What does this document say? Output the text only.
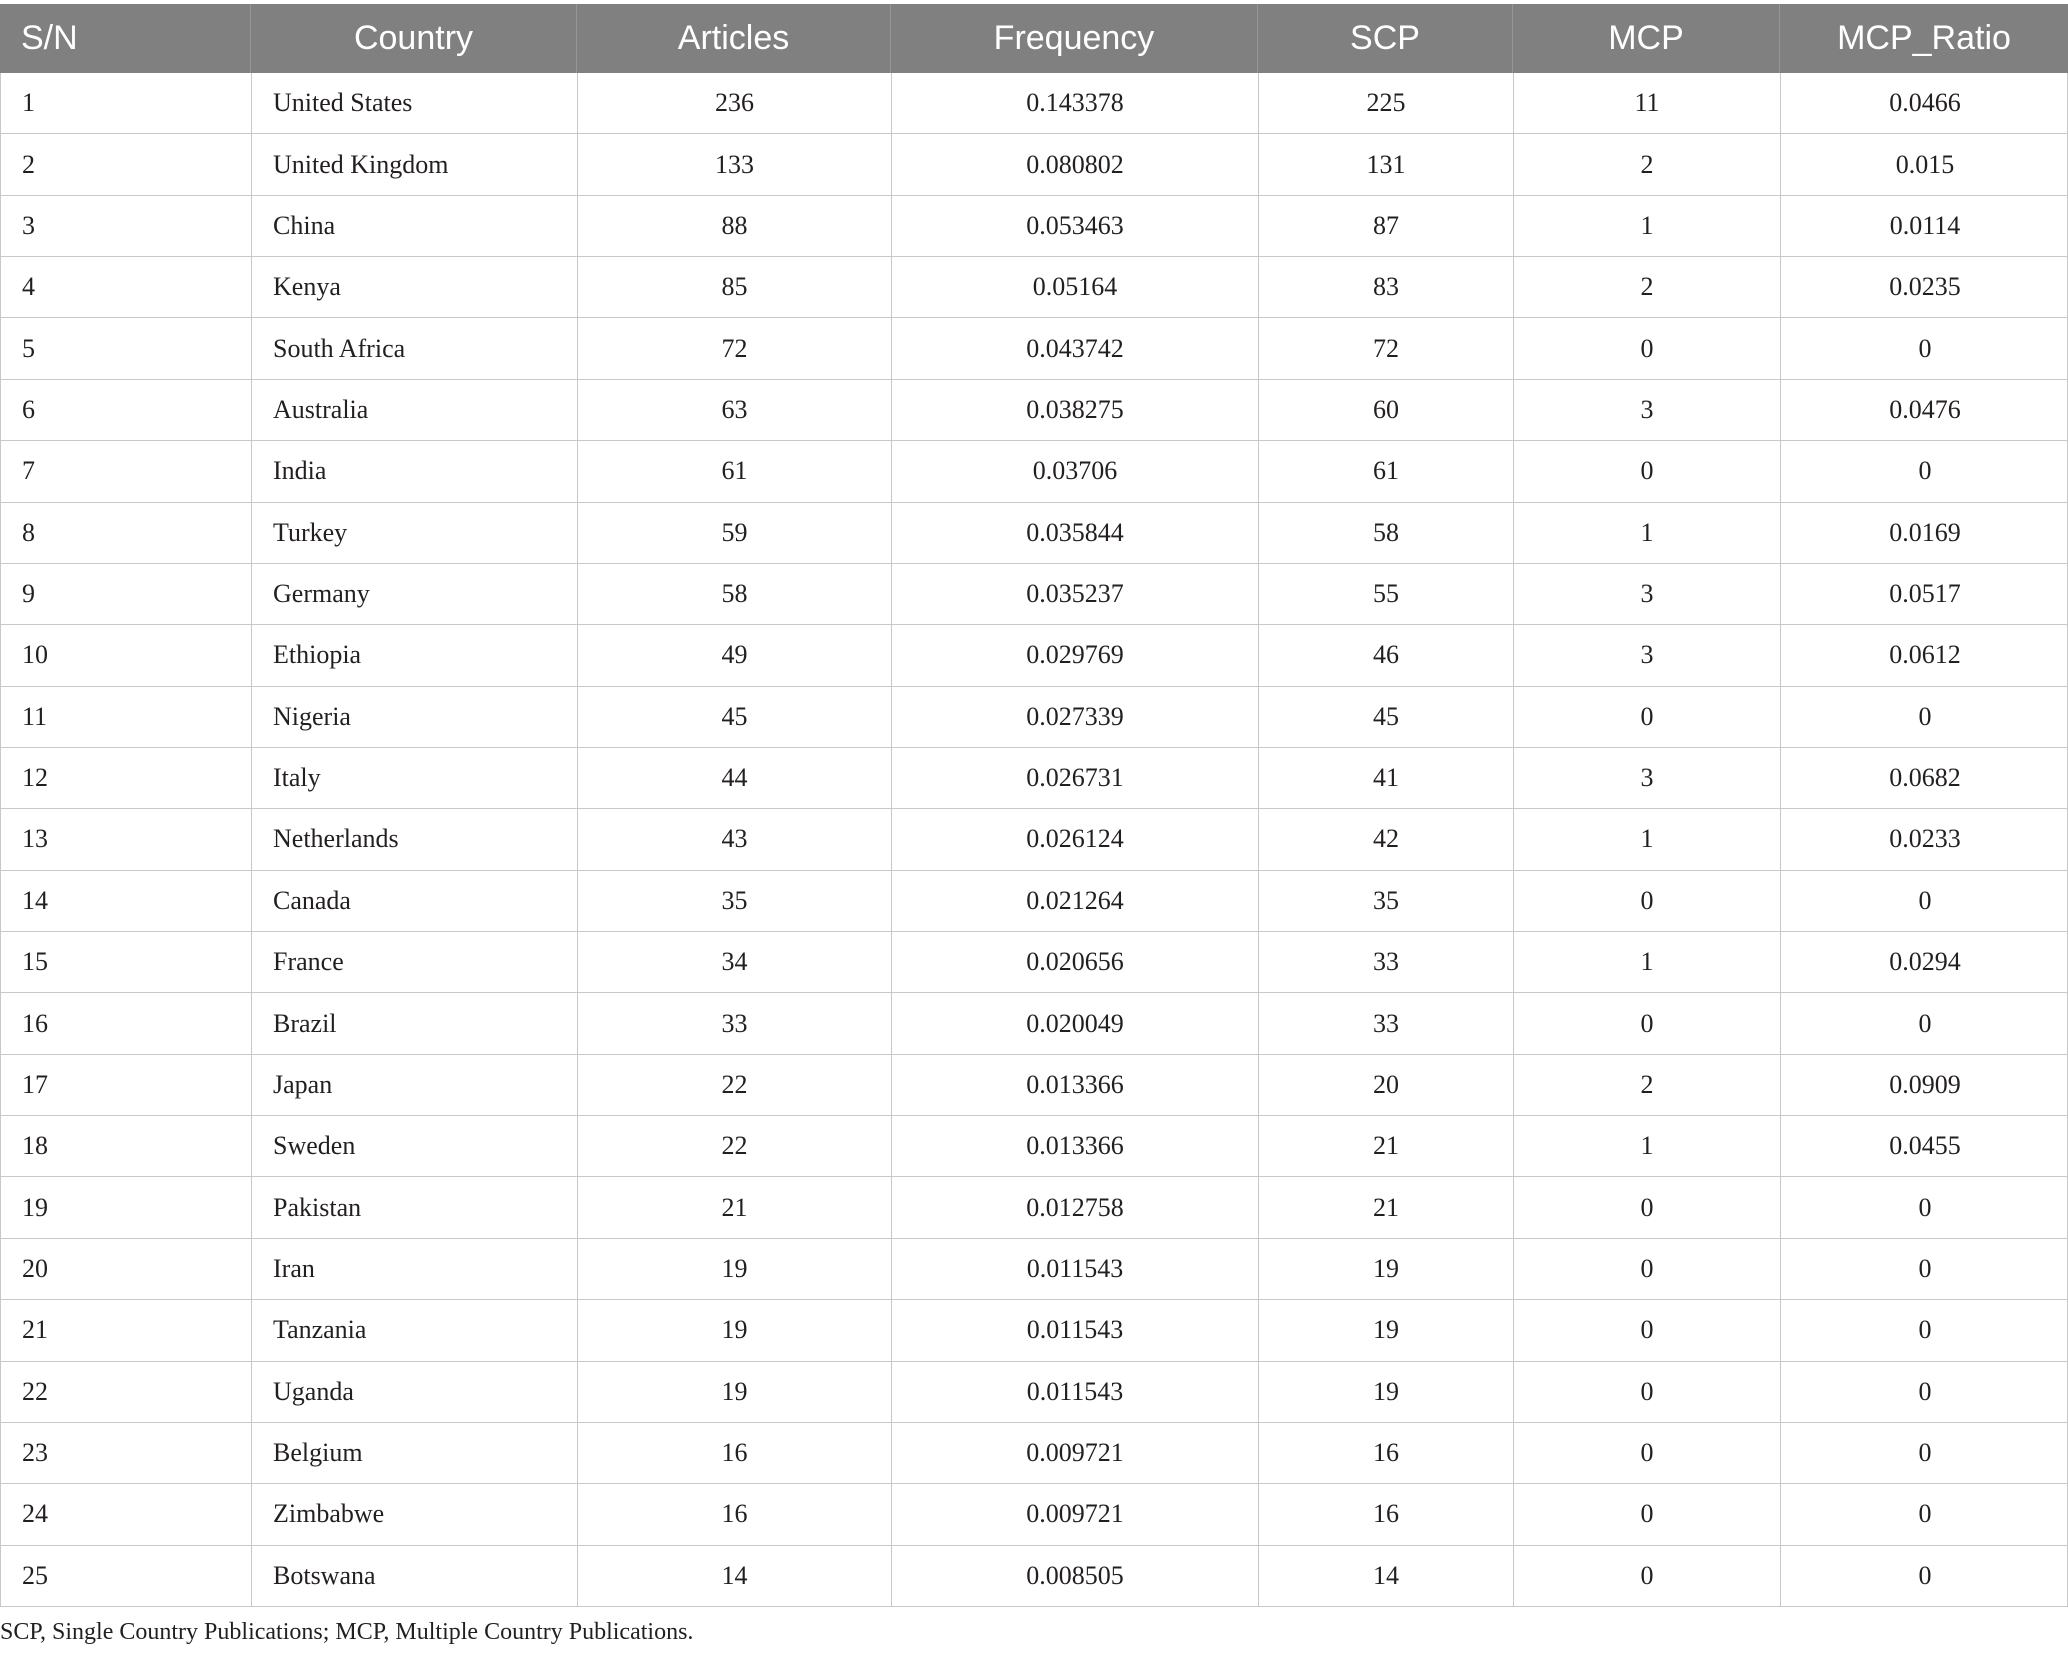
S/N	Country	Articles	Frequency	SCP	MCP	MCP_Ratio
1	United States	236	0.143378	225	11	0.0466
2	United Kingdom	133	0.080802	131	2	0.015
3	China	88	0.053463	87	1	0.0114
4	Kenya	85	0.05164	83	2	0.0235
5	South Africa	72	0.043742	72	0	0
6	Australia	63	0.038275	60	3	0.0476
7	India	61	0.03706	61	0	0
8	Turkey	59	0.035844	58	1	0.0169
9	Germany	58	0.035237	55	3	0.0517
10	Ethiopia	49	0.029769	46	3	0.0612
11	Nigeria	45	0.027339	45	0	0
12	Italy	44	0.026731	41	3	0.0682
13	Netherlands	43	0.026124	42	1	0.0233
14	Canada	35	0.021264	35	0	0
15	France	34	0.020656	33	1	0.0294
16	Brazil	33	0.020049	33	0	0
17	Japan	22	0.013366	20	2	0.0909
18	Sweden	22	0.013366	21	1	0.0455
19	Pakistan	21	0.012758	21	0	0
20	Iran	19	0.011543	19	0	0
21	Tanzania	19	0.011543	19	0	0
22	Uganda	19	0.011543	19	0	0
23	Belgium	16	0.009721	16	0	0
24	Zimbabwe	16	0.009721	16	0	0
25	Botswana	14	0.008505	14	0	0
SCP, Single Country Publications; MCP, Multiple Country Publications.
